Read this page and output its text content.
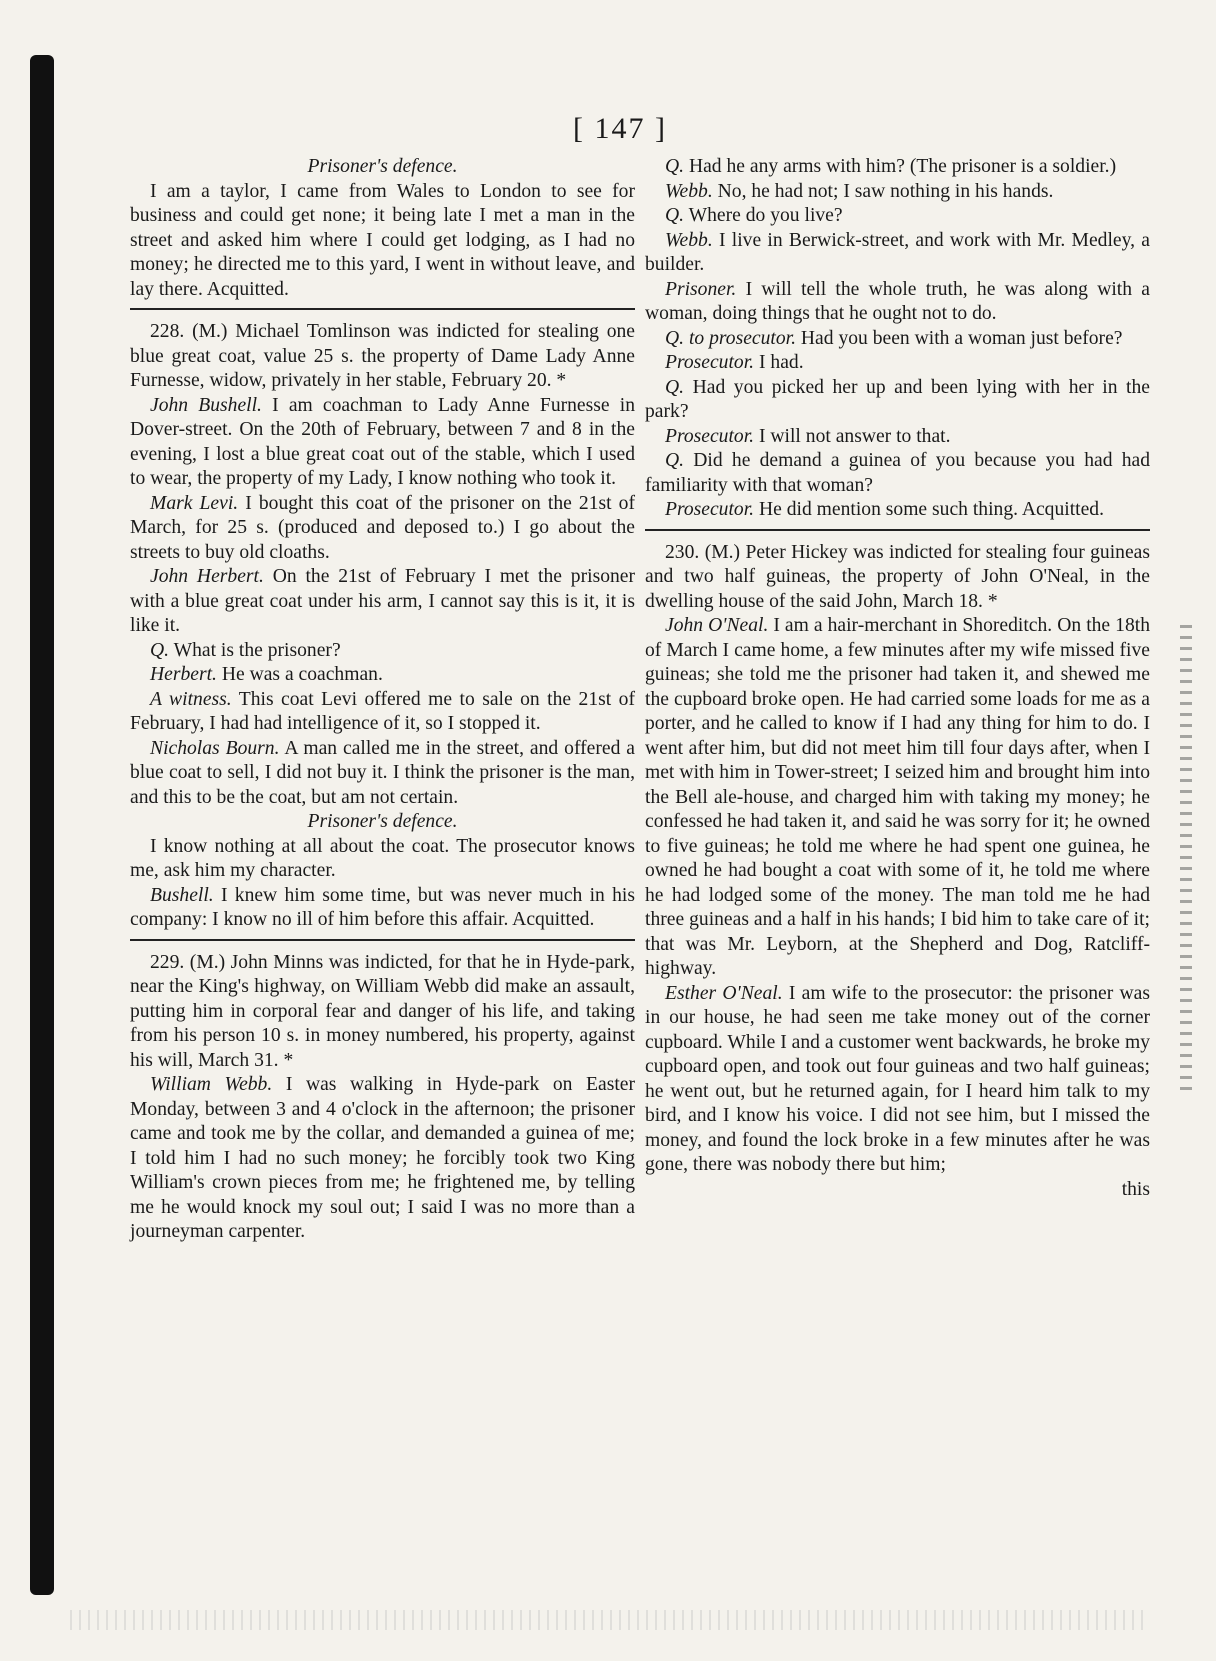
[ 147 ]

Prisoner's defence.

I am a taylor, I came from Wales to London to see for business and could get none; it being late I met a man in the street and asked him where I could get lodging, as I had no money; he directed me to this yard, I went in without leave, and lay there. Acquitted.

228. (M.) Michael Tomlinson was indicted for stealing one blue great coat, value 25 s. the property of Dame Lady Anne Furnesse, widow, privately in her stable, February 20. *

John Bushell. I am coachman to Lady Anne Furnesse in Dover-street. On the 20th of February, between 7 and 8 in the evening, I lost a blue great coat out of the stable, which I used to wear, the property of my Lady, I know nothing who took it.

Mark Levi. I bought this coat of the prisoner on the 21st of March, for 25 s. (produced and deposed to.) I go about the streets to buy old cloaths.

John Herbert. On the 21st of February I met the prisoner with a blue great coat under his arm, I cannot say this is it, it is like it.

Q. What is the prisoner?

Herbert. He was a coachman.

A witness. This coat Levi offered me to sale on the 21st of February, I had had intelligence of it, so I stopped it.

Nicholas Bourn. A man called me in the street, and offered a blue coat to sell, I did not buy it. I think the prisoner is the man, and this to be the coat, but am not certain.

Prisoner's defence.

I know nothing at all about the coat. The prosecutor knows me, ask him my character.

Bushell. I knew him some time, but was never much in his company: I know no ill of him before this affair. Acquitted.

229. (M.) John Minns was indicted, for that he in Hyde-park, near the King's highway, on William Webb did make an assault, putting him in corporal fear and danger of his life, and taking from his person 10 s. in money numbered, his property, against his will, March 31. *

William Webb. I was walking in Hyde-park on Easter Monday, between 3 and 4 o'clock in the afternoon; the prisoner came and took me by the collar, and demanded a guinea of me; I told him I had no such money; he forcibly took two King William's crown pieces from me; he frightened me, by telling me he would knock my soul out; I said I was no more than a journeyman carpenter.

Q. Had he any arms with him? (The prisoner is a soldier.)

Webb. No, he had not; I saw nothing in his hands.

Q. Where do you live?

Webb. I live in Berwick-street, and work with Mr. Medley, a builder.

Prisoner. I will tell the whole truth, he was along with a woman, doing things that he ought not to do.

Q. to prosecutor. Had you been with a woman just before?

Prosecutor. I had.

Q. Had you picked her up and been lying with her in the park?

Prosecutor. I will not answer to that.

Q. Did he demand a guinea of you because you had had familiarity with that woman?

Prosecutor. He did mention some such thing. Acquitted.

230. (M.) Peter Hickey was indicted for stealing four guineas and two half guineas, the property of John O'Neal, in the dwelling house of the said John, March 18. *

John O'Neal. I am a hair-merchant in Shoreditch. On the 18th of March I came home, a few minutes after my wife missed five guineas; she told me the prisoner had taken it, and shewed me the cupboard broke open. He had carried some loads for me as a porter, and he called to know if I had any thing for him to do. I went after him, but did not meet him till four days after, when I met with him in Tower-street; I seized him and brought him into the Bell ale-house, and charged him with taking my money; he confessed he had taken it, and said he was sorry for it; he owned to five guineas; he told me where he had spent one guinea, he owned he had bought a coat with some of it, he told me where he had lodged some of the money. The man told me he had three guineas and a half in his hands; I bid him to take care of it; that was Mr. Leyborn, at the Shepherd and Dog, Ratcliff-highway.

Esther O'Neal. I am wife to the prosecutor: the prisoner was in our house, he had seen me take money out of the corner cupboard. While I and a customer went backwards, he broke my cupboard open, and took out four guineas and two half guineas; he went out, but he returned again, for I heard him talk to my bird, and I know his voice. I did not see him, but I missed the money, and found the lock broke in a few minutes after he was gone, there was nobody there but him;

this
